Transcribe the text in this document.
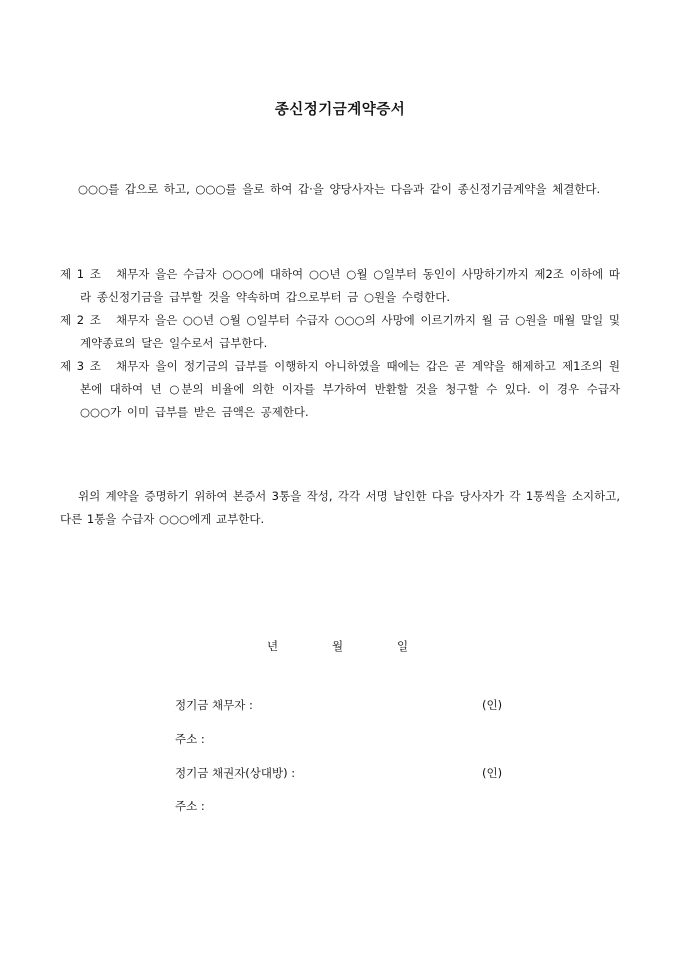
종신정기금계약증서
○○○를 갑으로 하고, ○○○를 을로 하여 갑·을 양당사자는 다음과 같이 종신정기금계약을 체결한다.
제 1 조 채무자 을은 수급자 ○○○에 대하여 ○○년 ○월 ○일부터 동인이 사망하기까지 제2조 이하에 따라 종신정기금을 급부할 것을 약속하며 갑으로부터 금 ○원을 수령한다.
제 2 조 채무자 을은 ○○년 ○월 ○일부터 수급자 ○○○의 사망에 이르기까지 월 금 ○원을 매월 말일 및 계약종료의 달은 일수로서 급부한다.
제 3 조 채무자 을이 정기금의 급부를 이행하지 아니하였을 때에는 갑은 곧 계약을 해제하고 제1조의 원본에 대하여 년 ○분의 비율에 의한 이자를 부가하여 반환할 것을 청구할 수 있다. 이 경우 수급자 ○○○가 이미 급부를 받은 금액은 공제한다.
위의 계약을 증명하기 위하여 본증서 3통을 작성, 각각 서명 날인한 다음 당사자가 각 1통씩을 소지하고, 다른 1통을 수급자 ○○○에게 교부한다.
년	월	일
정기금 채무자 :	(인)
주소 :
정기금 채권자(상대방) :	(인)
주소 :
